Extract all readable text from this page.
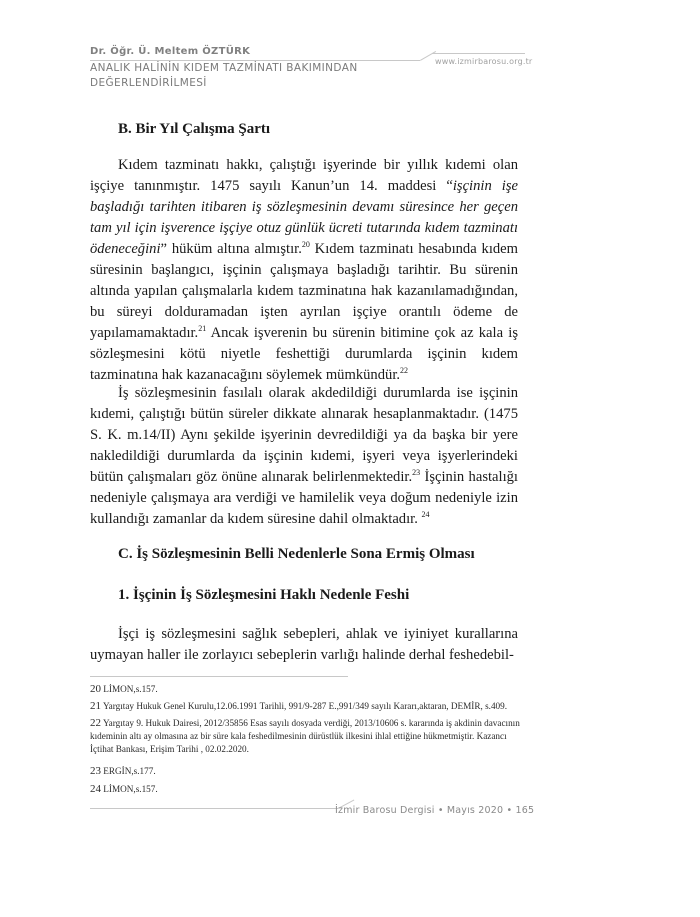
Dr. Öğr. Ü. Meltem ÖZTÜRK
ANALIK HALİNİN KIDEM TAZMİNATI BAKIMINDAN DEĞERLENDİRİLMESİ
www.izmirbarosu.org.tr
B. Bir Yıl Çalışma Şartı

Kıdem tazminatı hakkı, çalıştığı işyerinde bir yıllık kıdemi olan işçiye tanınmıştır. 1475 sayılı Kanun’un 14. maddesi “işçinin işe başladığı tarihten itibaren iş sözleşmesinin devamı süresince her geçen tam yıl için işverence işçiye otuz günlük ücreti tutarında kıdem tazminatı ödeneceğini” hüküm altına almıştır.$^{20}$ Kıdem tazminatı hesabında kıdem süresinin başlangıcı, işçinin çalışmaya başladığı tarihtir. Bu sürenin altında yapılan çalışmalarla kıdem tazminatına hak kazanılamadığından, bu süreyi dolduramadan işten ayrılan işçiye orantılı ödeme de yapılamamaktadır.$^{21}$ Ancak işverenin bu sürenin bitimine çok az kala iş sözleşmesini kötü niyetle feshettiği durumlarda işçinin kıdem tazminatına hak kazanacağını söylemek mümkündür.$^{22}$

İş sözleşmesinin fasılalı olarak akdedildiği durumlarda ise işçinin kıdemi, çalıştığı bütün süreler dikkate alınarak hesaplanmaktadır. (1475 S. K. m.14/II) Aynı şekilde işyerinin devredildiği ya da başka bir yere nakledildiği durumlarda da işçinin kıdemi, işyeri veya işyerlerindeki bütün çalışmaları göz önüne alınarak belirlenmektedir.$^{23}$ İşçinin hastalığı nedeniyle çalışmaya ara verdiği ve hamilelik veya doğum nedeniyle izin kullandığı zamanlar da kıdem süresine dahil olmaktadır. $^{24}$

C. İş Sözleşmesinin Belli Nedenlerle Sona Ermiş Olması
1. İşçinin İş Sözleşmesini Haklı Nedenle Feshi

İşçi iş sözleşmesini sağlık sebepleri, ahlak ve iyiniyet kurallarına uymayan haller ile zorlayıcı sebeplerin varlığı halinde derhal feshedebil-

20 LİMON,s.157.
21 Yargıtay Hukuk Genel Kurulu,12.06.1991 Tarihli, 991/9-287 E.,991/349 sayılı Kararı,aktaran, DEMİR, s.409.
22 Yargıtay 9. Hukuk Dairesi, 2012/35856 Esas sayılı dosyada verdiği, 2013/10606 s. kararında iş akdinin davacının kıdeminin altı ay olmasına az bir süre kala feshedilmesinin dürüstlük ilkesini ihlal ettiğine hükmetmiştir. Kazancı İçtihat Bankası, Erişim Tarihi , 02.02.2020.
23 ERGİN,s.177.
24 LİMON,s.157.
İzmir Barosu Dergisi • Mayıs 2020 • 165
